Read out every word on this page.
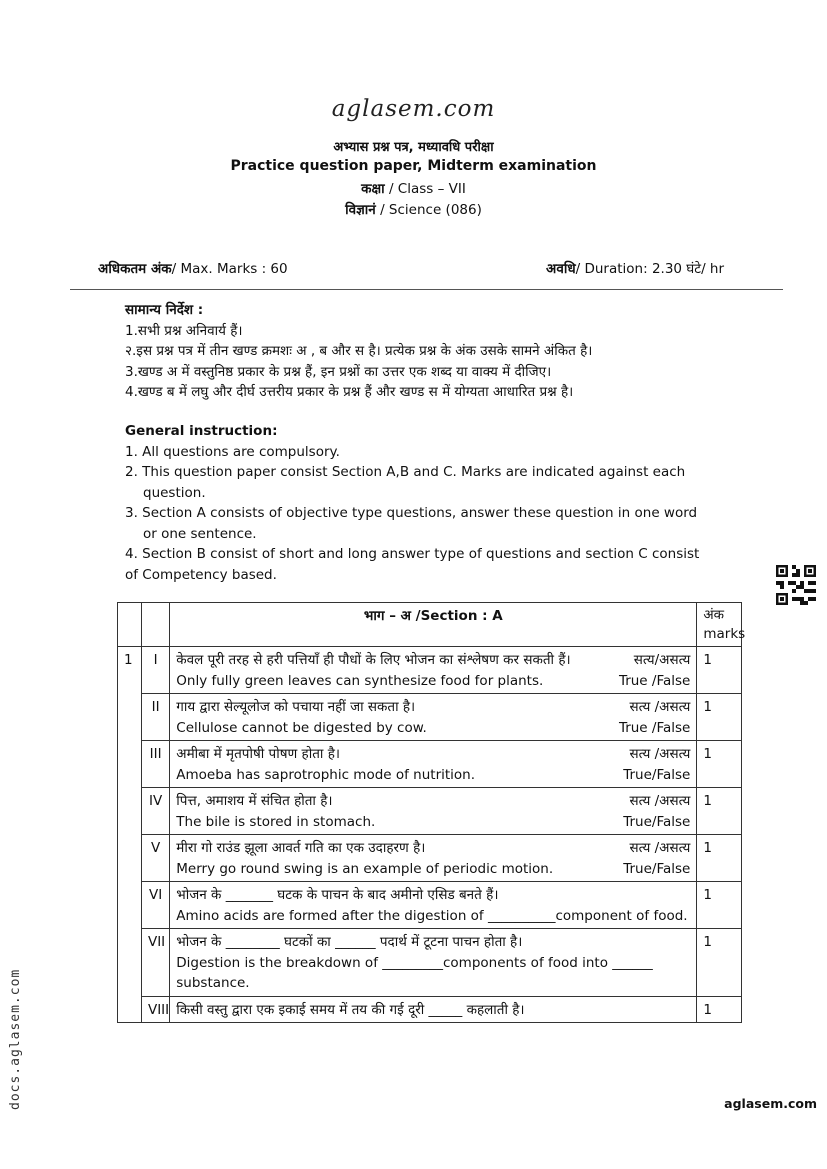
aglasem.com
अभ्यास प्रश्न पत्र, मध्यावधि परीक्षा
Practice question paper, Midterm examination
कक्षा / Class – VII
विज्ञानं / Science (086)
अधिकतम अंक/ Max. Marks : 60	अवधि/ Duration: 2.30 घंटे/ hr
सामान्य निर्देश :
1.सभी प्रश्न अनिवार्य हैं।
२.इस प्रश्न पत्र में तीन खण्ड क्रमशः अ , ब और स है। प्रत्येक प्रश्न के अंक उसके सामने अंकित है।
3.खण्ड अ में वस्तुनिष्ठ प्रकार के प्रश्न हैं, इन प्रश्नों का उत्तर एक शब्द या वाक्य में दीजिए।
4.खण्ड ब में लघु और दीर्घ उत्तरीय प्रकार के प्रश्न हैं और खण्ड स में योग्यता आधारित प्रश्न है।
General instruction:
1. All questions are compulsory.
2. This question paper consist Section A,B and C. Marks are indicated against each
question.
3. Section A consists of objective type questions, answer these question in one word
or one sentence.
4. Section B consist of short and long answer type of questions and section C consist
of Competency based.
		भाग – अ /Section : A	अंक
marks

1	I	केवल पूरी तरह से हरी पत्तियाँ ही पौधों के लिए भोजन का संश्लेषण कर सकती हैं। सत्य/असत्य
Only fully green leaves can synthesize food for plants. True /False	1
	II	गाय द्वारा सेल्यूलोज को पचाया नहीं जा सकता है। सत्य /असत्य
Cellulose cannot be digested by cow. True /False	1
	III	अमीबा में मृतपोषी पोषण होता है। सत्य /असत्य
Amoeba has saprotrophic mode of nutrition. True/False	1
	IV	पित्त, अमाशय में संचित होता है। सत्य /असत्य
The bile is stored in stomach. True/False	1
	V	मीरा गो राउंड झूला आवर्त गति का एक उदाहरण है। सत्य /असत्य
Merry go round swing is an example of periodic motion. True/False	1
	VI	भोजन के _______ घटक के पाचन के बाद अमीनो एसिड बनते हैं।
Amino acids are formed after the digestion of __________component of food.	1
	VII	भोजन के ________ घटकों का ______ पदार्थ में टूटना पाचन होता है।
Digestion is the breakdown of _________components of food into ______ substance.	1
	VIII	किसी वस्तु द्वारा एक इकाई समय में तय की गई दूरी _____ कहलाती है।	1
docs.aglasem.com	aglasem.com
